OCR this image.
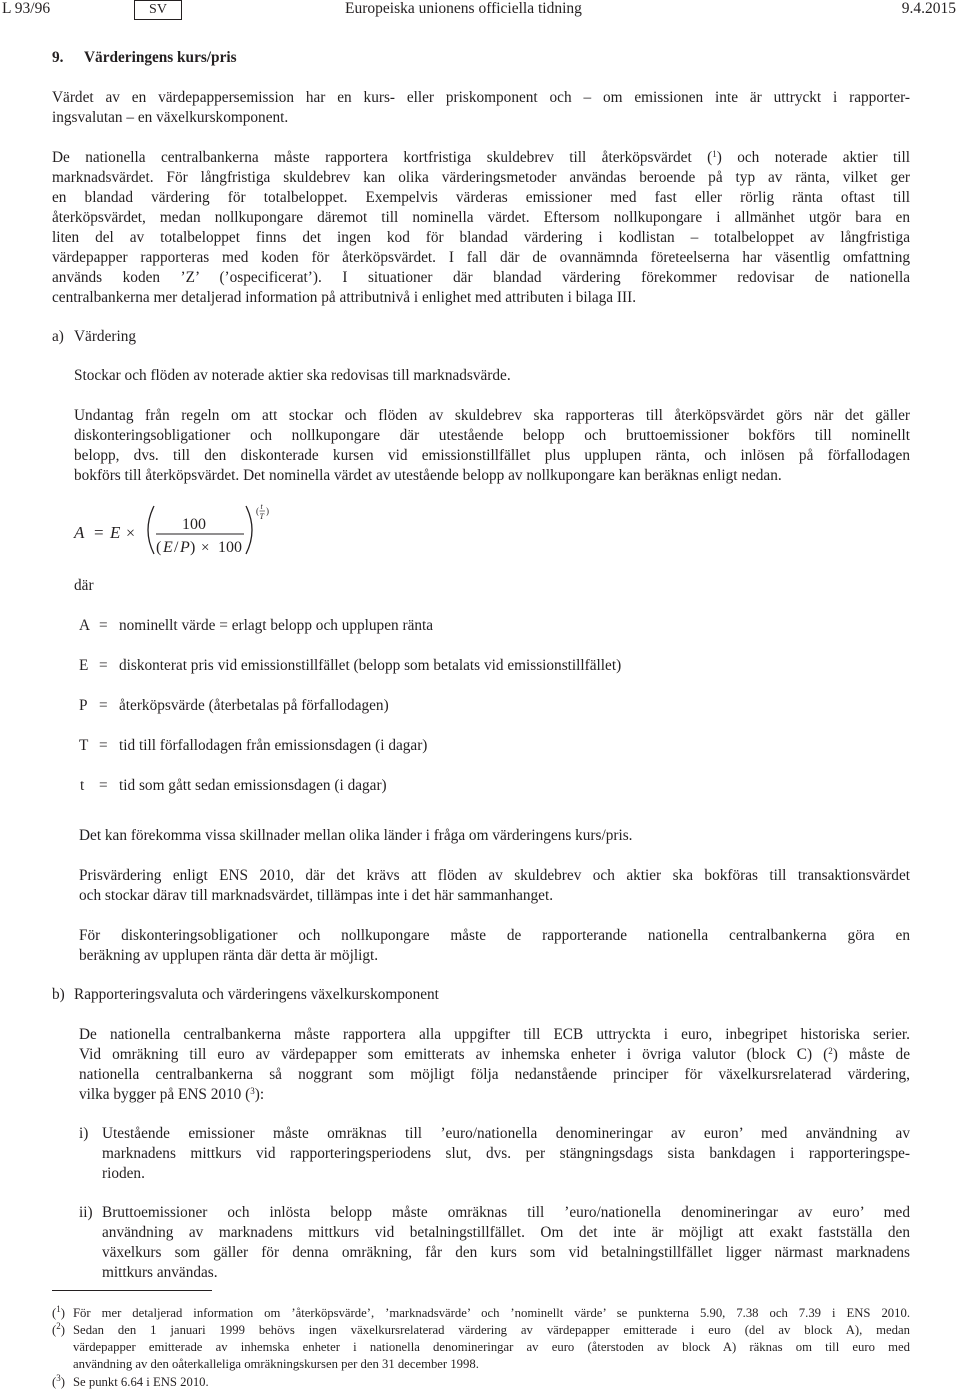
L 93/96	SV	Europeiska unionens officiella tidning	9.4.2015
9. Värderingens kurs/pris
Värdet av en värdepappersemission har en kurs- eller priskomponent och – om emissionen inte är uttryckt i rapporter-
ingsvalutan – en växelkurskomponent.
De nationella centralbankerna måste rapportera kortfristiga skuldebrev till återköpsvärdet ($^1$) och noterade aktier till
marknadsvärdet. För långfristiga skuldebrev kan olika värderingsmetoder användas beroende på typ av ränta, vilket ger
en blandad värdering för totalbeloppet. Exempelvis värderas emissioner med fast eller rörlig ränta oftast till
återköpsvärdet, medan nollkupongare däremot till nominella värdet. Eftersom nollkupongare i allmänhet utgör bara en
liten del av totalbeloppet finns det ingen kod för blandad värdering i kodlistan – totalbeloppet av långfristiga
värdepapper rapporteras med koden för återköpsvärdet. I fall där de ovannämnda företeelserna har väsentlig omfattning
används koden ’Z’ (’ospecificerat’). I situationer där blandad värdering förekommer redovisar de nationella
centralbankerna mer detaljerad information på attributnivå i enlighet med attributen i bilaga III.
a) Värdering
Stockar och flöden av noterade aktier ska redovisas till marknadsvärde.
Undantag från regeln om att stockar och flöden av skuldebrev ska rapporteras till återköpsvärdet görs när det gäller
diskonteringsobligationer och nollkupongare där utestående belopp och bruttoemissioner bokförs till nominellt
belopp, dvs. till den diskonterade kursen vid emissionstillfället plus upplupen ränta, och inlösen på förfallodagen
bokförs till återköpsvärdet. Det nominella värdet av utestående belopp av nollkupongare kan beräknas enligt nedan.
A = E ×
100
( E / P ) × 100
( t
T
)
där
A = nominellt värde = erlagt belopp och upplupen ränta
E = diskonterat pris vid emissionstillfället (belopp som betalats vid emissionstillfället)
P = återköpsvärde (återbetalas på förfallodagen)
T = tid till förfallodagen från emissionsdagen (i dagar)
t = tid som gått sedan emissionsdagen (i dagar)
Det kan förekomma vissa skillnader mellan olika länder i fråga om värderingens kurs/pris.
Prisvärdering enligt ENS 2010, där det krävs att flöden av skuldebrev och aktier ska bokföras till transaktionsvärdet
och stockar därav till marknadsvärdet, tillämpas inte i det här sammanhanget.
För diskonteringsobligationer och nollkupongare måste de rapporterande nationella centralbankerna göra en
beräkning av upplupen ränta där detta är möjligt.
b) Rapporteringsvaluta och värderingens växelkurskomponent
De nationella centralbankerna måste rapportera alla uppgifter till ECB uttryckta i euro, inbegripet historiska serier.
Vid omräkning till euro av värdepapper som emitterats av inhemska enheter i övriga valutor (block C) ($^2$) måste de
nationella centralbankerna så noggrant som möjligt följa nedanstående principer för växelkursrelaterad värdering,
vilka bygger på ENS 2010 ($^3$):
i) Utestående emissioner måste omräknas till ’euro/nationella denomineringar av euron’ med användning av
marknadens mittkurs vid rapporteringsperiodens slut, dvs. per stängningsdags sista bankdagen i rapporteringspe-
rioden.
ii) Bruttoemissioner och inlösta belopp måste omräknas till ’euro/nationella denomineringar av euro’ med
användning av marknadens mittkurs vid betalningstillfället. Om det inte är möjligt att exakt fastställa den
växelkurs som gäller för denna omräkning, får den kurs som vid betalningstillfället ligger närmast marknadens
mittkurs användas.
($^1$) För mer detaljerad information om ’återköpsvärde’, ’marknadsvärde’ och ’nominellt värde’ se punkterna 5.90, 7.38 och 7.39 i ENS 2010.
($^2$) Sedan den 1 januari 1999 behövs ingen växelkursrelaterad värdering av värdepapper emitterade i euro (del av block A), medan
värdepapper emitterade av inhemska enheter i nationella denomineringar av euro (återstoden av block A) räknas om till euro med
användning av den oåterkalleliga omräkningskursen per den 31 december 1998.
($^3$) Se punkt 6.64 i ENS 2010.
